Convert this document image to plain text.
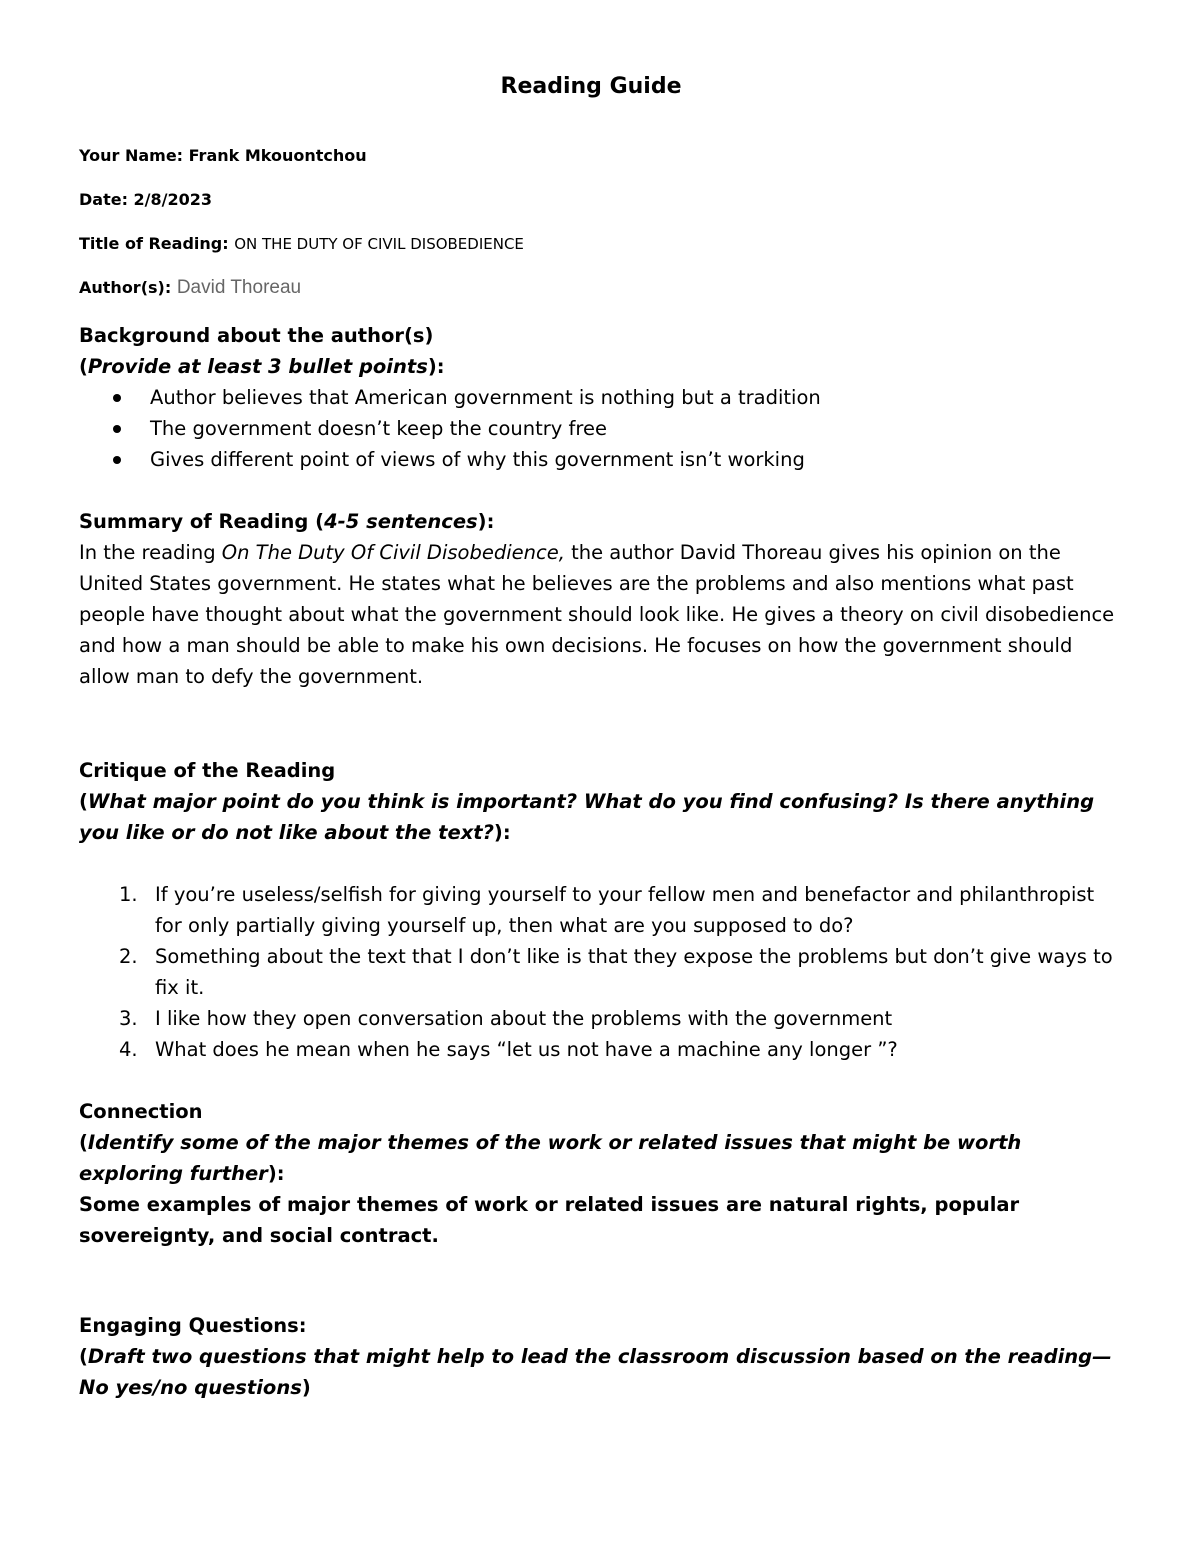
Reading Guide
Your Name: Frank Mkouontchou
Date: 2/8/2023
Title of Reading: ON THE DUTY OF CIVIL DISOBEDIENCE
Author(s): David Thoreau
Background about the author(s)
(Provide at least 3 bullet points):
Author believes that American government is nothing but a tradition
The government doesn’t keep the country free
Gives different point of views of why this government isn’t working
Summary of Reading (4-5 sentences):
In the reading On The Duty Of Civil Disobedience, the author David Thoreau gives his opinion on the United States government. He states what he believes are the problems and also mentions what past people have thought about what the government should look like. He gives a theory on civil disobedience and how a man should be able to make his own decisions. He focuses on how the government should allow man to defy the government.
Critique of the Reading
(What major point do you think is important? What do you find confusing? Is there anything you like or do not like about the text?):
1. If you’re useless/selfish for giving yourself to your fellow men and benefactor and philanthropist for only partially giving yourself up, then what are you supposed to do?
2. Something about the text that I don’t like is that they expose the problems but don’t give ways to fix it.
3. I like how they open conversation about the problems with the government
4. What does he mean when he says “let us not have a machine any longer ”?
Connection
(Identify some of the major themes of the work or related issues that might be worth exploring further):
Some examples of major themes of work or related issues are natural rights, popular sovereignty, and social contract.
Engaging Questions:
(Draft two questions that might help to lead the classroom discussion based on the reading—No yes/no questions)
